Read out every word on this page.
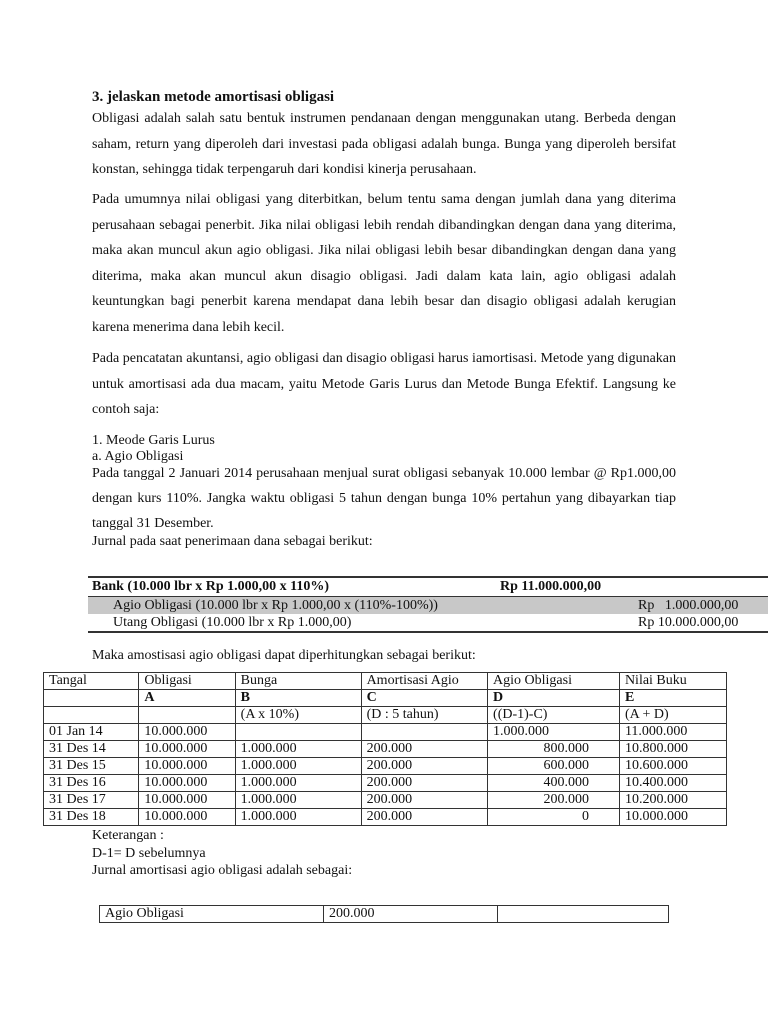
3. jelaskan metode amortisasi obligasi
Obligasi adalah salah satu bentuk instrumen pendanaan dengan menggunakan utang. Berbeda dengan saham, return yang diperoleh dari investasi pada obligasi adalah bunga. Bunga yang diperoleh bersifat konstan, sehingga tidak terpengaruh dari kondisi kinerja perusahaan.
Pada umumnya nilai obligasi yang diterbitkan, belum tentu sama dengan jumlah dana yang diterima perusahaan sebagai penerbit. Jika nilai obligasi lebih rendah dibandingkan dengan dana yang diterima, maka akan muncul akun agio obligasi. Jika nilai obligasi lebih besar dibandingkan dengan dana yang diterima, maka akan muncul akun disagio obligasi. Jadi dalam kata lain, agio obligasi adalah keuntungkan bagi penerbit karena mendapat dana lebih besar dan disagio obligasi adalah kerugian karena menerima dana lebih kecil.
Pada pencatatan akuntansi, agio obligasi dan disagio obligasi harus iamortisasi. Metode yang digunakan untuk amortisasi ada dua macam, yaitu Metode Garis Lurus dan Metode Bunga Efektif. Langsung ke contoh saja:
1. Meode Garis Lurus
a. Agio Obligasi
Pada tanggal 2 Januari 2014 perusahaan menjual surat obligasi sebanyak 10.000 lembar @ Rp1.000,00 dengan kurs 110%. Jangka waktu obligasi 5 tahun dengan bunga 10% pertahun yang dibayarkan tiap tanggal 31 Desember.
Jurnal pada saat penerimaan dana sebagai berikut:
Bank (10.000 lbr x Rp 1.000,00 x 110%)	Rp 11.000.000,00	
Agio Obligasi (10.000 lbr x Rp 1.000,00 x (110%-100%))		Rp   1.000.000,00
Utang Obligasi (10.000 lbr x Rp 1.000,00)		Rp 10.000.000,00
Maka amostisasi agio obligasi dapat diperhitungkan sebagai berikut:
Tangal	Obligasi	Bunga	Amortisasi Agio	Agio Obligasi	Nilai Buku
	A	B	C	D	E
		(A x 10%)	(D : 5 tahun)	((D-1)-C)	(A + D)
01 Jan 14	10.000.000			1.000.000	11.000.000
31 Des 14	10.000.000	1.000.000	200.000	800.000	10.800.000
31 Des 15	10.000.000	1.000.000	200.000	600.000	10.600.000
31 Des 16	10.000.000	1.000.000	200.000	400.000	10.400.000
31 Des 17	10.000.000	1.000.000	200.000	200.000	10.200.000
31 Des 18	10.000.000	1.000.000	200.000	0	10.000.000
Keterangan :
D-1= D sebelumnya
Jurnal amortisasi agio obligasi adalah sebagai:
Agio Obligasi	200.000	
